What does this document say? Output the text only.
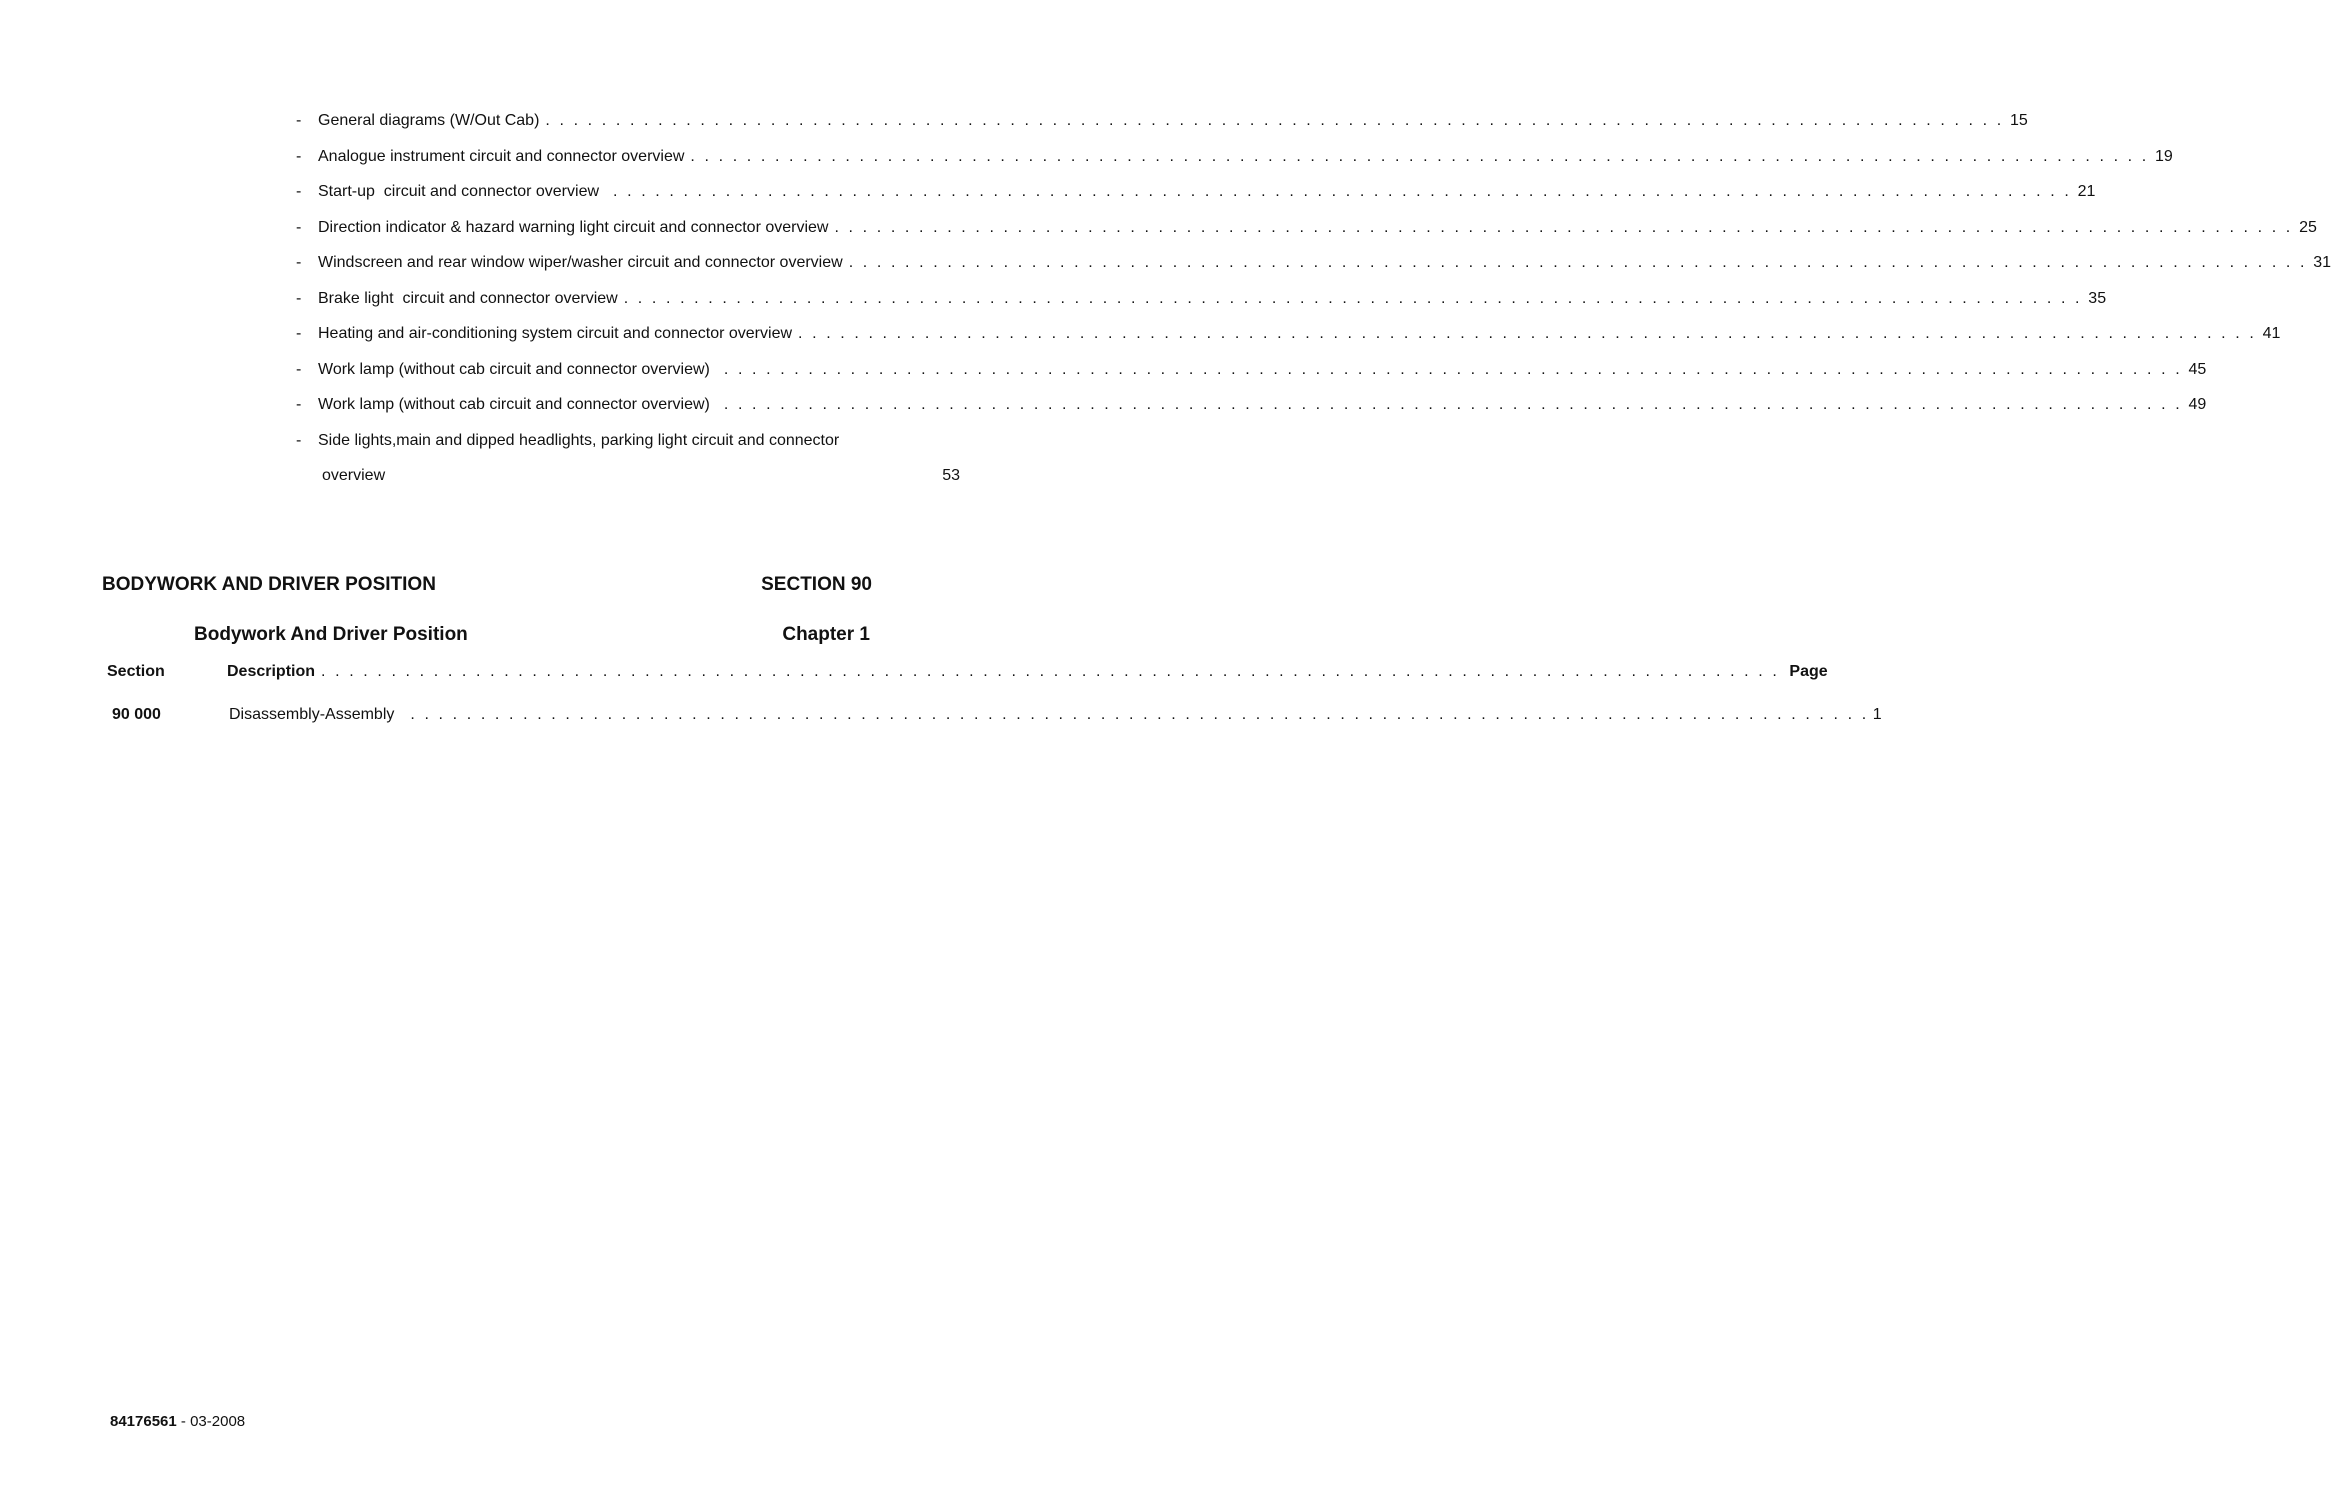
-	General diagrams (W/Out Cab) . . .	15
-	Analogue instrument circuit and connector overview . . .	19
-	Start-up  circuit and connector overview . . .	21
-	Direction indicator & hazard warning light circuit and connector overview . . .	25
-	Windscreen and rear window wiper/washer circuit and connector overview . . .	31
-	Brake light  circuit and connector overview . . .	35
-	Heating and air-conditioning system circuit and connector overview . . .	41
-	Work lamp (without cab circuit and connector overview) . . .	45
-	Work lamp (without cab circuit and connector overview) . . .	49
-	Side lights,main and dipped headlights, parking light circuit and connector
overview	53
BODYWORK AND DRIVER POSITION	SECTION 90
Bodywork And Driver Position	Chapter 1
Section	Description . . .	Page
90 000	Disassembly-Assembly . . .	1
84176561 - 03-2008
